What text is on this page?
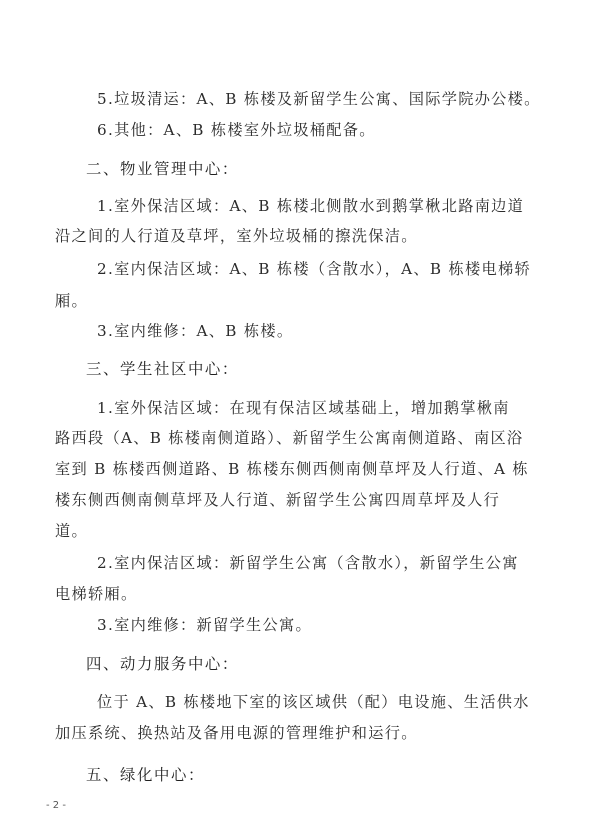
5.垃圾清运：A、B 栋楼及新留学生公寓、国际学院办公楼。
6.其他：A、B 栋楼室外垃圾桶配备。
二、物业管理中心：
1.室外保洁区域：A、B 栋楼北侧散水到鹅掌楸北路南边道
沿之间的人行道及草坪，室外垃圾桶的擦洗保洁。
2.室内保洁区域：A、B 栋楼（含散水），A、B 栋楼电梯轿
厢。
3.室内维修：A、B 栋楼。
三、学生社区中心：
1.室外保洁区域：在现有保洁区域基础上，增加鹅掌楸南
路西段（A、B 栋楼南侧道路）、新留学生公寓南侧道路、南区浴
室到 B 栋楼西侧道路、B 栋楼东侧西侧南侧草坪及人行道、A 栋
楼东侧西侧南侧草坪及人行道、新留学生公寓四周草坪及人行
道。
2.室内保洁区域：新留学生公寓（含散水），新留学生公寓
电梯轿厢。
3.室内维修：新留学生公寓。
四、动力服务中心：
位于 A、B 栋楼地下室的该区域供（配）电设施、生活供水
加压系统、换热站及备用电源的管理维护和运行。
五、绿化中心：
- 2 -
